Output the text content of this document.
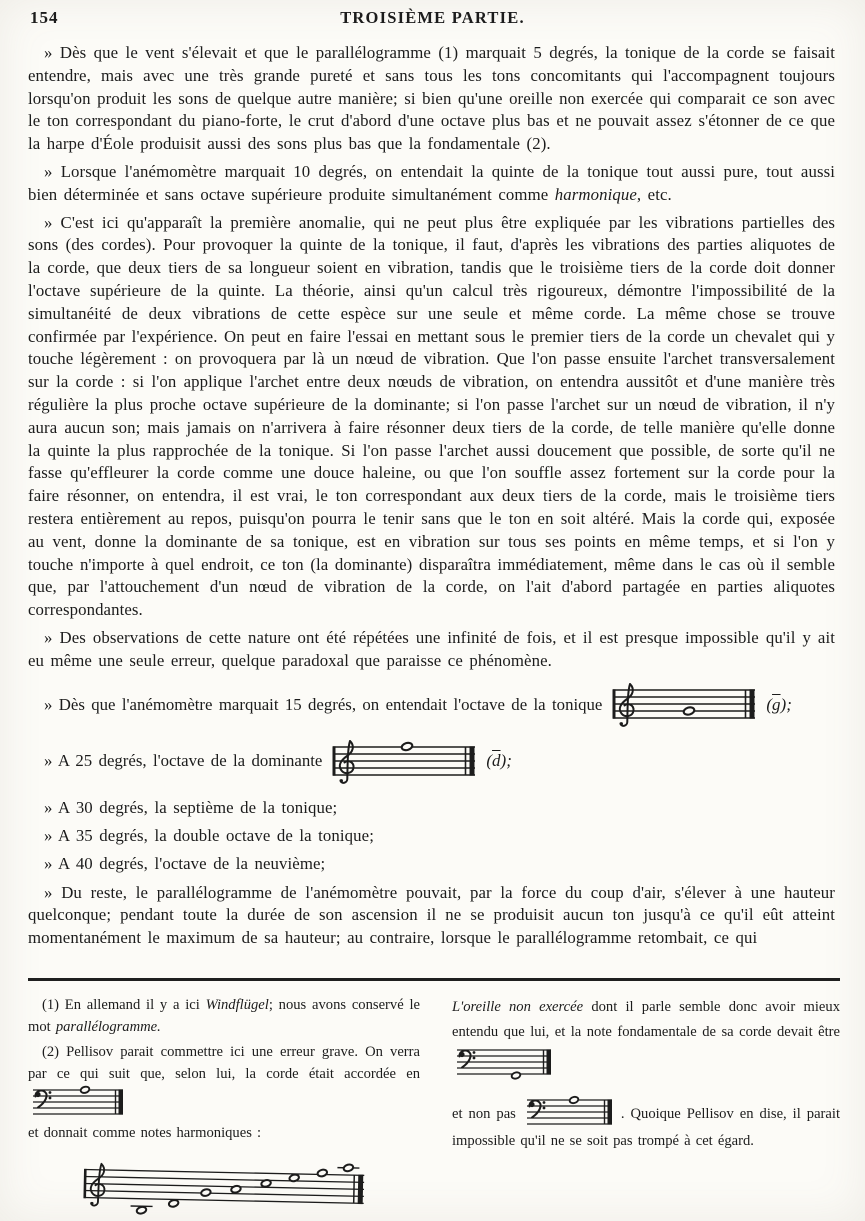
154	TROISIÈME PARTIE.

» Dès que le vent s'élevait et que le parallélogramme (1) marquait 5 degrés, la tonique de la corde se faisait entendre, mais avec une très grande pureté et sans tous les tons concomitants qui l'accompagnent toujours lorsqu'on produit les sons de quelque autre manière; si bien qu'une oreille non exercée qui comparait ce son avec le ton correspondant du piano-forte, le crut d'abord d'une octave plus bas et ne pouvait assez s'étonner de ce que la harpe d'Éole produisit aussi des sons plus bas que la fondamentale (2).

» Lorsque l'anémomètre marquait 10 degrés, on entendait la quinte de la tonique tout aussi pure, tout aussi bien déterminée et sans octave supérieure produite simultanément comme harmonique, etc.

» C'est ici qu'apparaît la première anomalie, qui ne peut plus être expliquée par les vibrations partielles des sons (des cordes). Pour provoquer la quinte de la tonique, il faut, d'après les vibrations des parties aliquotes de la corde, que deux tiers de sa longueur soient en vibration, tandis que le troisième tiers de la corde doit donner l'octave supérieure de la quinte. La théorie, ainsi qu'un calcul très rigoureux, démontre l'impossibilité de la simultanéité de deux vibrations de cette espèce sur une seule et même corde. La même chose se trouve confirmée par l'expérience. On peut en faire l'essai en mettant sous le premier tiers de la corde un chevalet qui y touche légèrement : on provoquera par là un nœud de vibration. Que l'on passe ensuite l'archet transversalement sur la corde : si l'on applique l'archet entre deux nœuds de vibration, on entendra aussitôt et d'une manière très régulière la plus proche octave supérieure de la dominante; si l'on passe l'archet sur un nœud de vibration, il n'y aura aucun son; mais jamais on n'arrivera à faire résonner deux tiers de la corde, de telle manière qu'elle donne la quinte la plus rapprochée de la tonique. Si l'on passe l'archet aussi doucement que possible, de sorte qu'il ne fasse qu'effleurer la corde comme une douce haleine, ou que l'on souffle assez fortement sur la corde pour la faire résonner, on entendra, il est vrai, le ton correspondant aux deux tiers de la corde, mais le troisième tiers restera entièrement au repos, puisqu'on pourra le tenir sans que le ton en soit altéré. Mais la corde qui, exposée au vent, donne la dominante de sa tonique, est en vibration sur tous ses points en même temps, et si l'on y touche n'importe à quel endroit, ce ton (la dominante) disparaîtra immédiatement, même dans le cas où il semble que, par l'attouchement d'un nœud de vibration de la corde, on l'ait d'abord partagée en parties aliquotes correspondantes.

» Des observations de cette nature ont été répétées une infinité de fois, et il est presque impossible qu'il y ait eu même une seule erreur, quelque paradoxal que paraisse ce phénomène.

» Dès que l'anémomètre marquait 15 degrés, on entendait l'octave de la tonique	$(\overline{g})$;
» A 25 degrés, l'octave de la dominante	$(\overline{d})$;

» A 30 degrés, la septième de la tonique;

» A 35 degrés, la double octave de la tonique;

» A 40 degrés, l'octave de la neuvième;

» Du reste, le parallélogramme de l'anémomètre pouvait, par la force du coup d'air, s'élever à une hauteur quelconque; pendant toute la durée de son ascension il ne se produisit aucun ton jusqu'à ce qu'il eût atteint momentanément le maximum de sa hauteur; au contraire, lorsque le parallélogramme retombait, ce qui

(1) En allemand il y a ici Windflügel; nous avons conservé le mot parallélogramme.

(2) Pellisov parait commettre ici une erreur grave. On verra par ce qui suit que, selon lui, la corde était accordée en

et donnait comme notes harmoniques :

L'oreille non exercée dont il parle semble donc avoir mieux entendu que lui, et la note fondamentale de sa corde devait être

et non pas	. Quoique Pellisov en dise, il parait impossible qu'il ne se soit pas trompé à cet égard.
